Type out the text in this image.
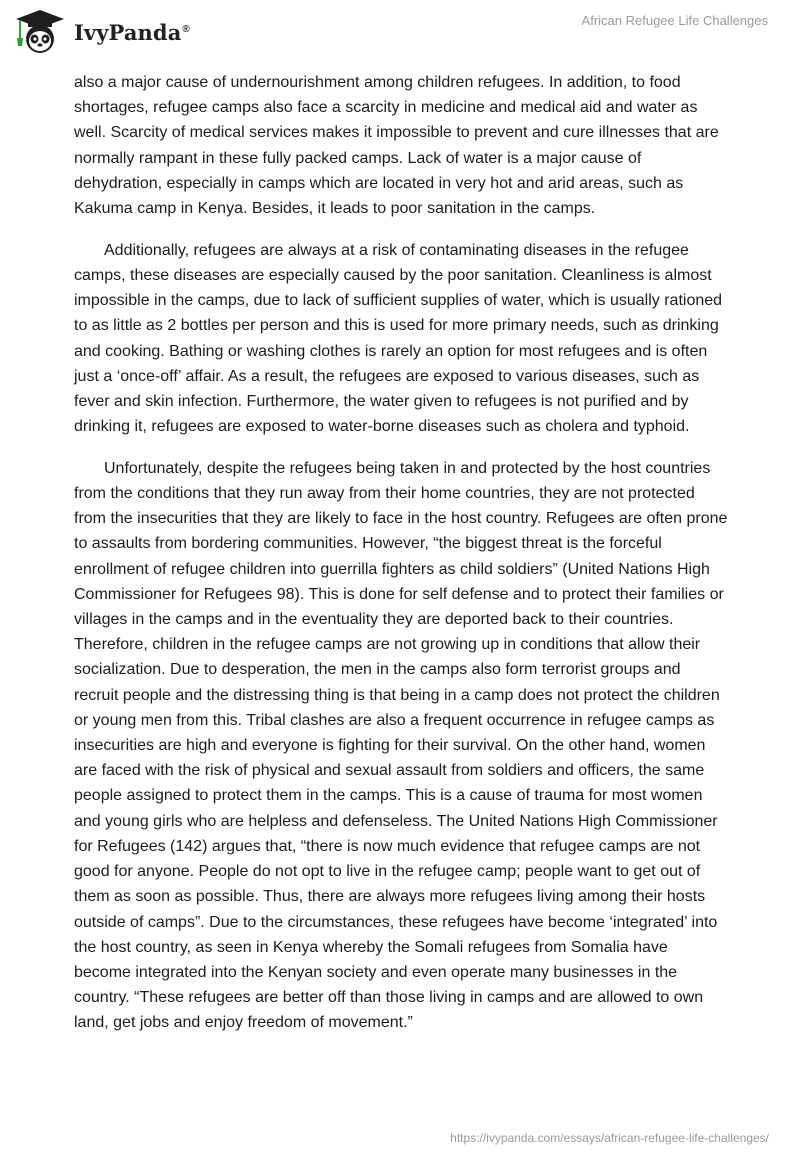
IvyPanda®
African Refugee Life Challenges

also a major cause of undernourishment among children refugees. In addition, to food shortages, refugee camps also face a scarcity in medicine and medical aid and water as well. Scarcity of medical services makes it impossible to prevent and cure illnesses that are normally rampant in these fully packed camps. Lack of water is a major cause of dehydration, especially in camps which are located in very hot and arid areas, such as Kakuma camp in Kenya. Besides, it leads to poor sanitation in the camps.

Additionally, refugees are always at a risk of contaminating diseases in the refugee camps, these diseases are especially caused by the poor sanitation. Cleanliness is almost impossible in the camps, due to lack of sufficient supplies of water, which is usually rationed to as little as 2 bottles per person and this is used for more primary needs, such as drinking and cooking. Bathing or washing clothes is rarely an option for most refugees and is often just a ‘once-off’ affair. As a result, the refugees are exposed to various diseases, such as fever and skin infection. Furthermore, the water given to refugees is not purified and by drinking it, refugees are exposed to water-borne diseases such as cholera and typhoid.

Unfortunately, despite the refugees being taken in and protected by the host countries from the conditions that they run away from their home countries, they are not protected from the insecurities that they are likely to face in the host country. Refugees are often prone to assaults from bordering communities. However, “the biggest threat is the forceful enrollment of refugee children into guerrilla fighters as child soldiers” (United Nations High Commissioner for Refugees 98). This is done for self defense and to protect their families or villages in the camps and in the eventuality they are deported back to their countries. Therefore, children in the refugee camps are not growing up in conditions that allow their socialization. Due to desperation, the men in the camps also form terrorist groups and recruit people and the distressing thing is that being in a camp does not protect the children or young men from this. Tribal clashes are also a frequent occurrence in refugee camps as insecurities are high and everyone is fighting for their survival. On the other hand, women are faced with the risk of physical and sexual assault from soldiers and officers, the same people assigned to protect them in the camps. This is a cause of trauma for most women and young girls who are helpless and defenseless. The United Nations High Commissioner for Refugees (142) argues that, “there is now much evidence that refugee camps are not good for anyone. People do not opt to live in the refugee camp; people want to get out of them as soon as possible. Thus, there are always more refugees living among their hosts outside of camps”. Due to the circumstances, these refugees have become ‘integrated’ into the host country, as seen in Kenya whereby the Somali refugees from Somalia have become integrated into the Kenyan society and even operate many businesses in the country. “These refugees are better off than those living in camps and are allowed to own land, get jobs and enjoy freedom of movement.”

https://ivypanda.com/essays/african-refugee-life-challenges/
